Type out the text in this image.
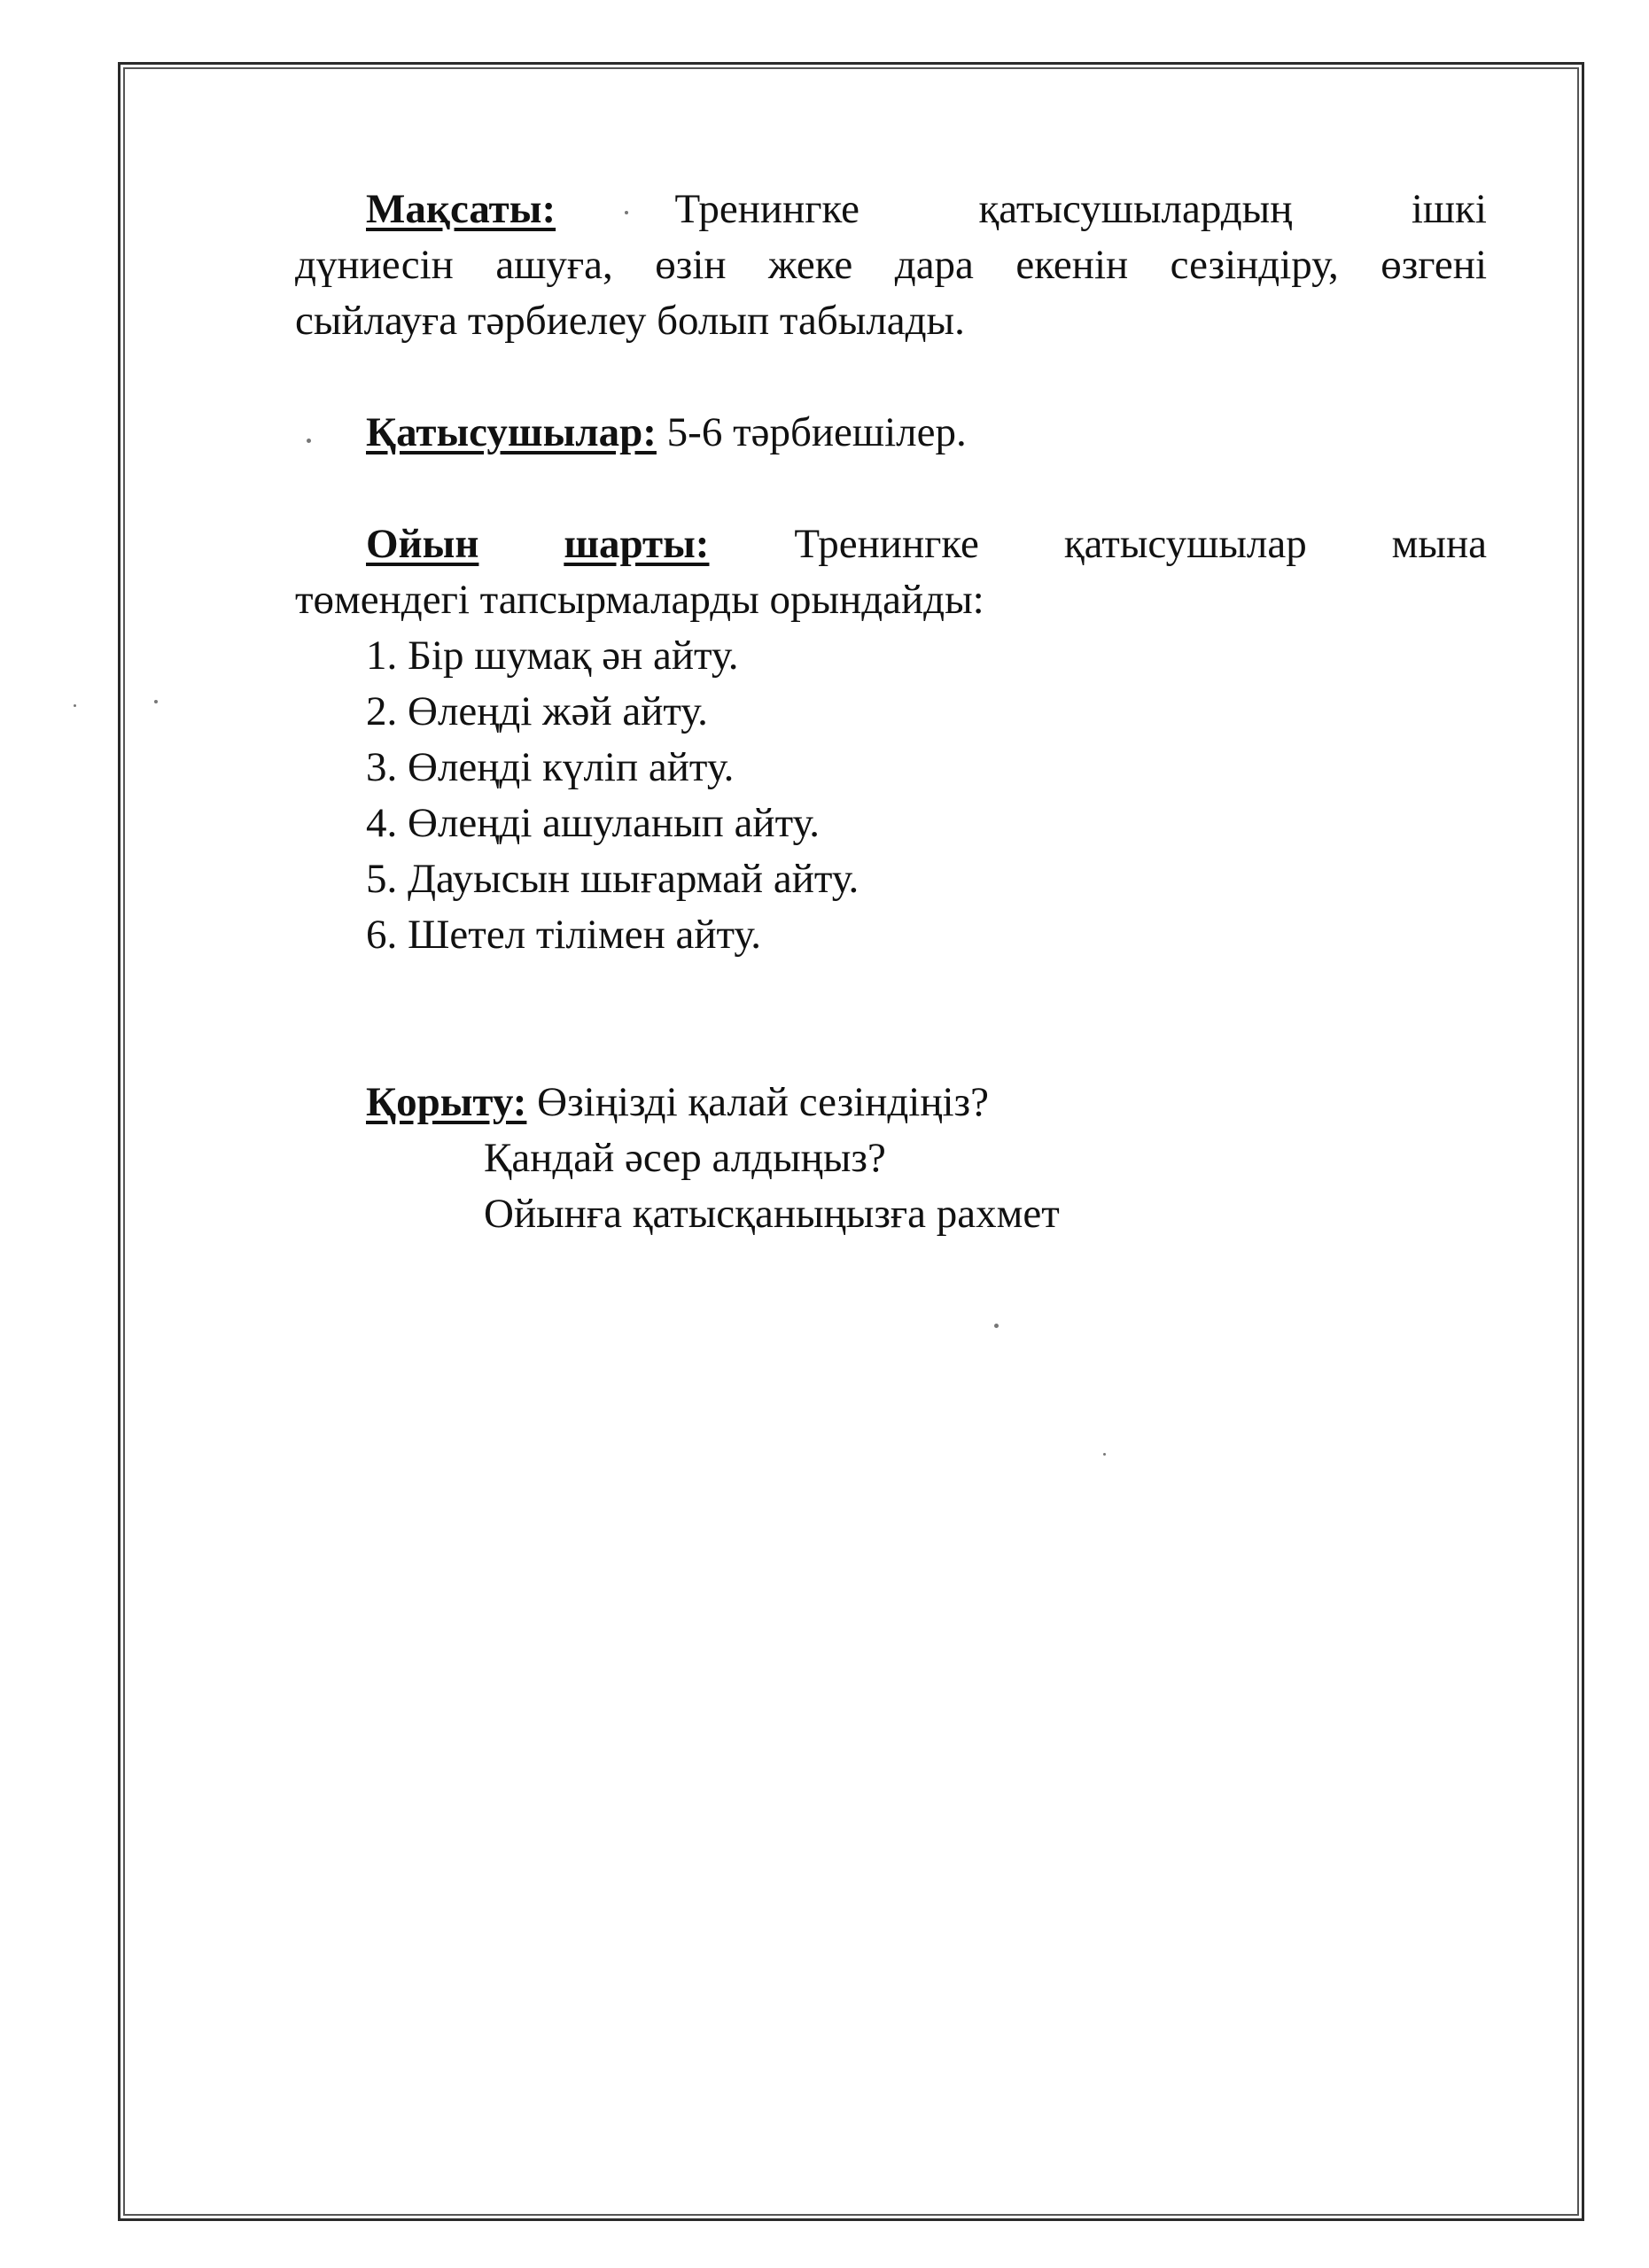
Мақсаты:	Тренингке	қатысушылардың	ішкі

дүниесін ашуға, өзін жеке дара екенін сезіндіру, өзгені

сыйлауға тәрбиелеу болып табылады.

Қатысушылар: 5-6 тәрбиешілер.

Ойын шарты: Тренингке қатысушылар мына

төмендегі тапсырмаларды орындайды:

1. Бір шумақ ән айту.
2. Өлеңді жәй айту.
3. Өлеңді күліп айту.
4. Өлеңді ашуланып айту.
5. Дауысын шығармай айту.
6. Шетел тілімен айту.

Қорыту: Өзіңізді қалай сезіндіңіз?

Қандай әсер алдыңыз?

Ойынға қатысқаныңызға рахмет
